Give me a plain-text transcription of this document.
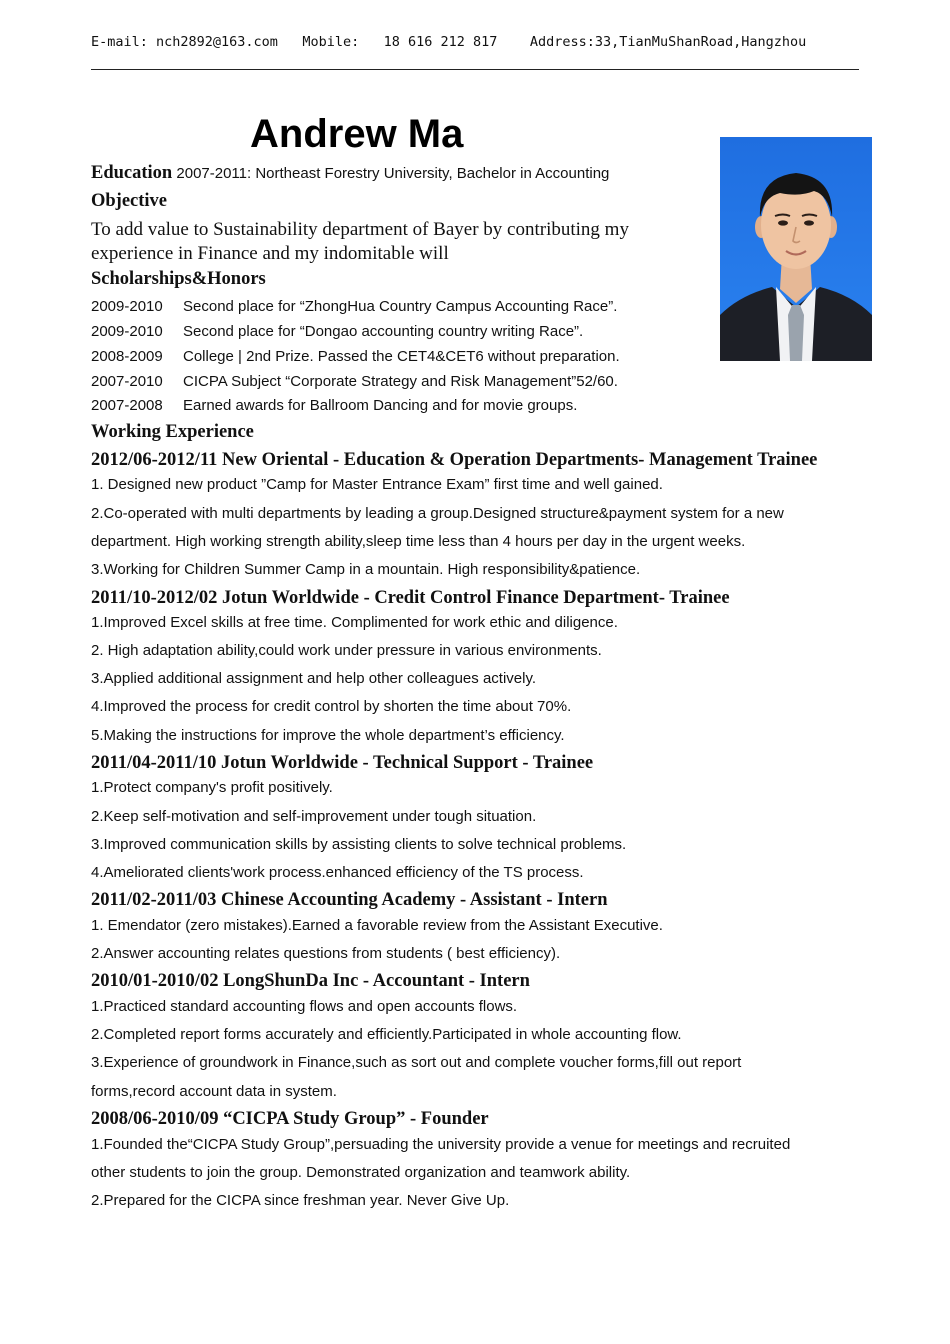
E-mail: nch2892@163.com   Mobile:   18 616 212 817    Address:33,TianMuShanRoad,Hangzhou
Andrew Ma
Education 2007-2011: Northeast Forestry University, Bachelor in Accounting
Objective
To add value to Sustainability department of Bayer by contributing my
experience in Finance and my indomitable will
Scholarships&Honors
2009-2010 Second place for “ZhongHua Country Campus Accounting Race”.
2009-2010 Second place for “Dongao accounting country writing Race”.
2008-2009 College | 2nd Prize. Passed the CET4&CET6 without preparation.
2007-2010 CICPA Subject “Corporate Strategy and Risk Management”52/60.
2007-2008 Earned awards for Ballroom Dancing and for movie groups.
Working Experience
2012/06-2012/11 New Oriental - Education & Operation Departments- Management Trainee
1. Designed new product ”Camp for Master Entrance Exam” first time and well gained.
2.Co-operated with multi departments by leading a group.Designed structure&payment system for a new
department. High working strength ability,sleep time less than 4 hours per day in the urgent weeks.
3.Working for Children Summer Camp in a mountain. High responsibility&patience.
2011/10-2012/02 Jotun Worldwide - Credit Control Finance Department- Trainee
1.Improved Excel skills at free time. Complimented for work ethic and diligence.
2. High adaptation ability,could work under pressure in various environments.
3.Applied additional assignment and help other colleagues actively.
4.Improved the process for credit control by shorten the time about 70%.
5.Making the instructions for improve the whole department’s efficiency.
2011/04-2011/10 Jotun Worldwide - Technical Support - Trainee
1.Protect company's profit positively.
2.Keep self-motivation and self-improvement under tough situation.
3.Improved communication skills by assisting clients to solve technical problems.
4.Ameliorated clients'work process.enhanced efficiency of the TS process.
2011/02-2011/03 Chinese Accounting Academy - Assistant - Intern
1. Emendator (zero mistakes).Earned a favorable review from the Assistant Executive.
2.Answer accounting relates questions from students ( best efficiency).
2010/01-2010/02 LongShunDa Inc - Accountant - Intern
1.Practiced standard accounting flows and open accounts flows.
2.Completed report forms accurately and efficiently.Participated in whole accounting flow.
3.Experience of groundwork in Finance,such as sort out and complete voucher forms,fill out report
forms,record account data in system.
2008/06-2010/09 “CICPA Study Group” - Founder
1.Founded the“CICPA Study Group”,persuading the university provide a venue for meetings and recruited
other students to join the group. Demonstrated organization and teamwork ability.
2.Prepared for the CICPA since freshman year. Never Give Up.
